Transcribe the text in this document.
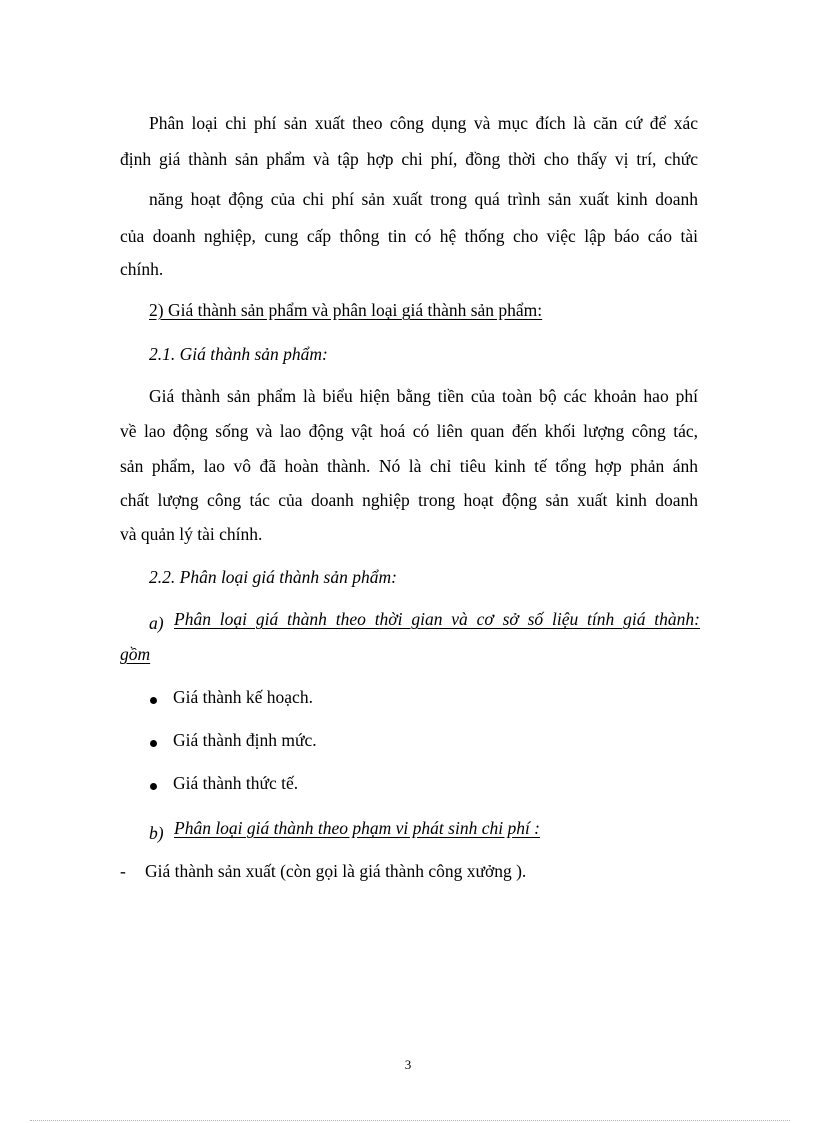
Phân loại chi phí sản xuất theo công dụng và mục đích là căn cứ để xác
định giá thành sản phẩm và tập hợp chi phí, đồng thời cho thấy vị trí, chức
năng hoạt động của chi phí sản xuất trong quá trình sản xuất kinh doanh
của doanh nghiệp, cung cấp thông tin có hệ thống cho việc lập báo cáo tài
chính.
2) Giá thành sản phẩm và phân loại giá thành sản phẩm:
2.1. Giá thành sản phẩm:
Giá thành sản phẩm là biểu hiện bằng tiền của toàn bộ các khoản hao phí
về lao động sống và lao động vật hoá có liên quan đến khối lượng công tác,
sản phẩm, lao vô đã hoàn thành. Nó là chỉ tiêu kinh tế tổng hợp phản ánh
chất lượng công tác của doanh nghiệp trong hoạt động sản xuất kinh doanh
và quản lý tài chính.
2.2. Phân loại giá thành sản phẩm:
a) Phân loại giá thành theo thời gian và cơ sở số liệu tính giá thành:
gồm
Giá thành kế hoạch.
Giá thành định mức.
Giá thành thức tế.
b) Phân loại giá thành theo phạm vi phát sinh chi phí :
- Giá thành sản xuất (còn gọi là giá thành công xưởng ).
3
